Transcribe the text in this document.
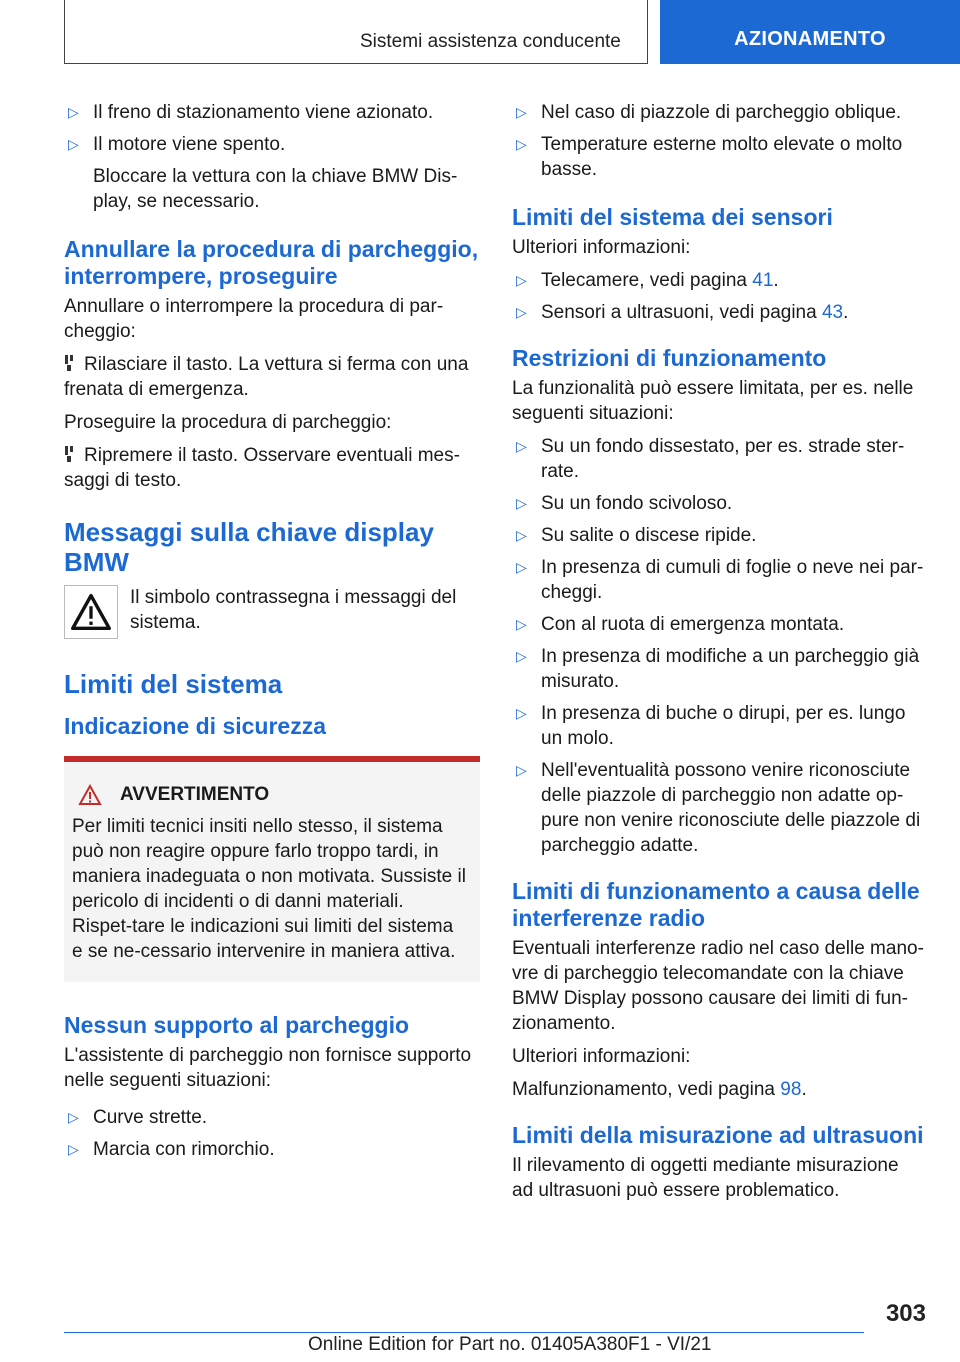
Sistemi assistenza conducente	AZIONAMENTO
▷ Il freno di stazionamento viene azionato.
▷ Il motore viene spento.

Bloccare la vettura con la chiave BMW Dis-play, se necessario.

Annullare la procedura di parcheggio, interrompere, proseguire

Annullare o interrompere la procedura di par-cheggio:

Rilasciare il tasto. La vettura si ferma con una frenata di emergenza.

Proseguire la procedura di parcheggio:

Ripremere il tasto. Osservare eventuali mes-saggi di testo.

Messaggi sulla chiave display BMW

Il simbolo contrassegna i messaggi del sistema.

Limiti del sistema
Indicazione di sicurezza
AVVERTIMENTO

Per limiti tecnici insiti nello stesso, il sistema può non reagire oppure farlo troppo tardi, in maniera inadeguata o non motivata. Sussiste il pericolo di incidenti o di danni materiali. Rispet-tare le indicazioni sui limiti del sistema e se ne-cessario intervenire in maniera attiva.

Nessun supporto al parcheggio

L'assistente di parcheggio non fornisce supporto nelle seguenti situazioni:

▷ Curve strette.
▷ Marcia con rimorchio.
▷ Nel caso di piazzole di parcheggio oblique.
▷ Temperature esterne molto elevate o molto basse.
Limiti del sistema dei sensori

Ulteriori informazioni:

▷ Telecamere, vedi pagina 41.
▷ Sensori a ultrasuoni, vedi pagina 43.
Restrizioni di funzionamento

La funzionalità può essere limitata, per es. nelle seguenti situazioni:

▷ Su un fondo dissestato, per es. strade ster-rate.
▷ Su un fondo scivoloso.
▷ Su salite o discese ripide.
▷ In presenza di cumuli di foglie o neve nei par-cheggi.
▷ Con al ruota di emergenza montata.
▷ In presenza di modifiche a un parcheggio già misurato.
▷ In presenza di buche o dirupi, per es. lungo un molo.
▷ Nell'eventualità possono venire riconosciute delle piazzole di parcheggio non adatte op-pure non venire riconosciute delle piazzole di parcheggio adatte.
Limiti di funzionamento a causa delle interferenze radio

Eventuali interferenze radio nel caso delle mano-vre di parcheggio telecomandate con la chiave BMW Display possono causare dei limiti di fun-zionamento.

Ulteriori informazioni:

Malfunzionamento, vedi pagina 98.

Limiti della misurazione ad ultrasuoni

Il rilevamento di oggetti mediante misurazione ad ultrasuoni può essere problematico.

303
Online Edition for Part no. 01405A380F1 - VI/21
